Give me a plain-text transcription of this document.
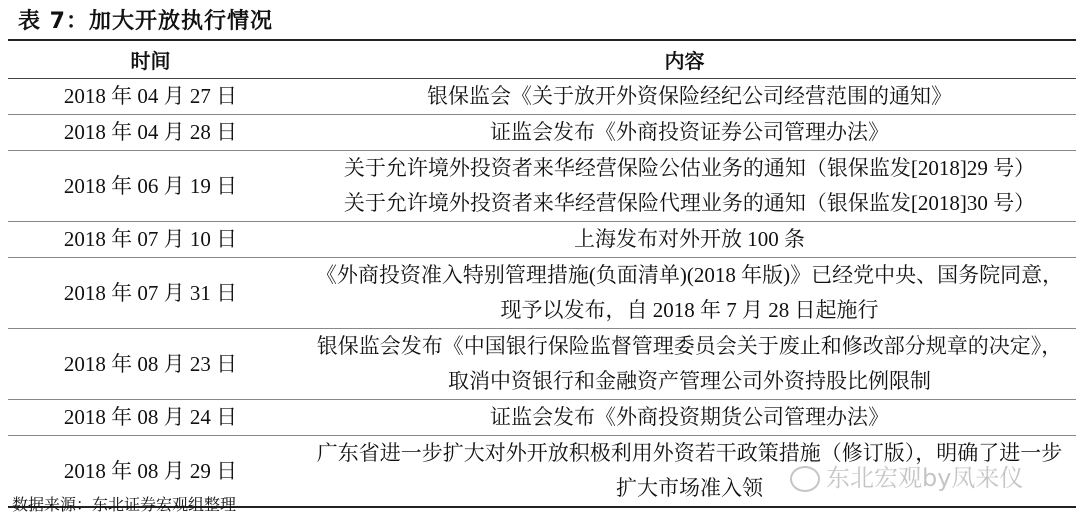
表 7：加大开放执行情况
时间	内容
2018 年 04 月 27 日	银保监会《关于放开外资保险经纪公司经营范围的通知》

2018 年 04 月 28 日	证监会发布《外商投资证券公司管理办法》

2018 年 06 月 19 日	关于允许境外投资者来华经营保险公估业务的通知（银保监发[2018]29 号）
关于允许境外投资者来华经营保险代理业务的通知（银保监发[2018]30 号）

2018 年 07 月 10 日	上海发布对外开放 100 条

2018 年 07 月 31 日	《外商投资准入特别管理措施(负面清单)(2018 年版)》已经党中央、国务院同意，现予以发布，自 2018 年 7 月 28 日起施行

2018 年 08 月 23 日	银保监会发布《中国银行保险监督管理委员会关于废止和修改部分规章的决定》，取消中资银行和金融资产管理公司外资持股比例限制

2018 年 08 月 24 日	证监会发布《外商投资期货公司管理办法》

2018 年 08 月 29 日	广东省进一步扩大对外开放积极利用外资若干政策措施（修订版），明确了进一步扩大市场准入领
数据来源：东北证券宏观组整理
东北宏观by凤来仪
